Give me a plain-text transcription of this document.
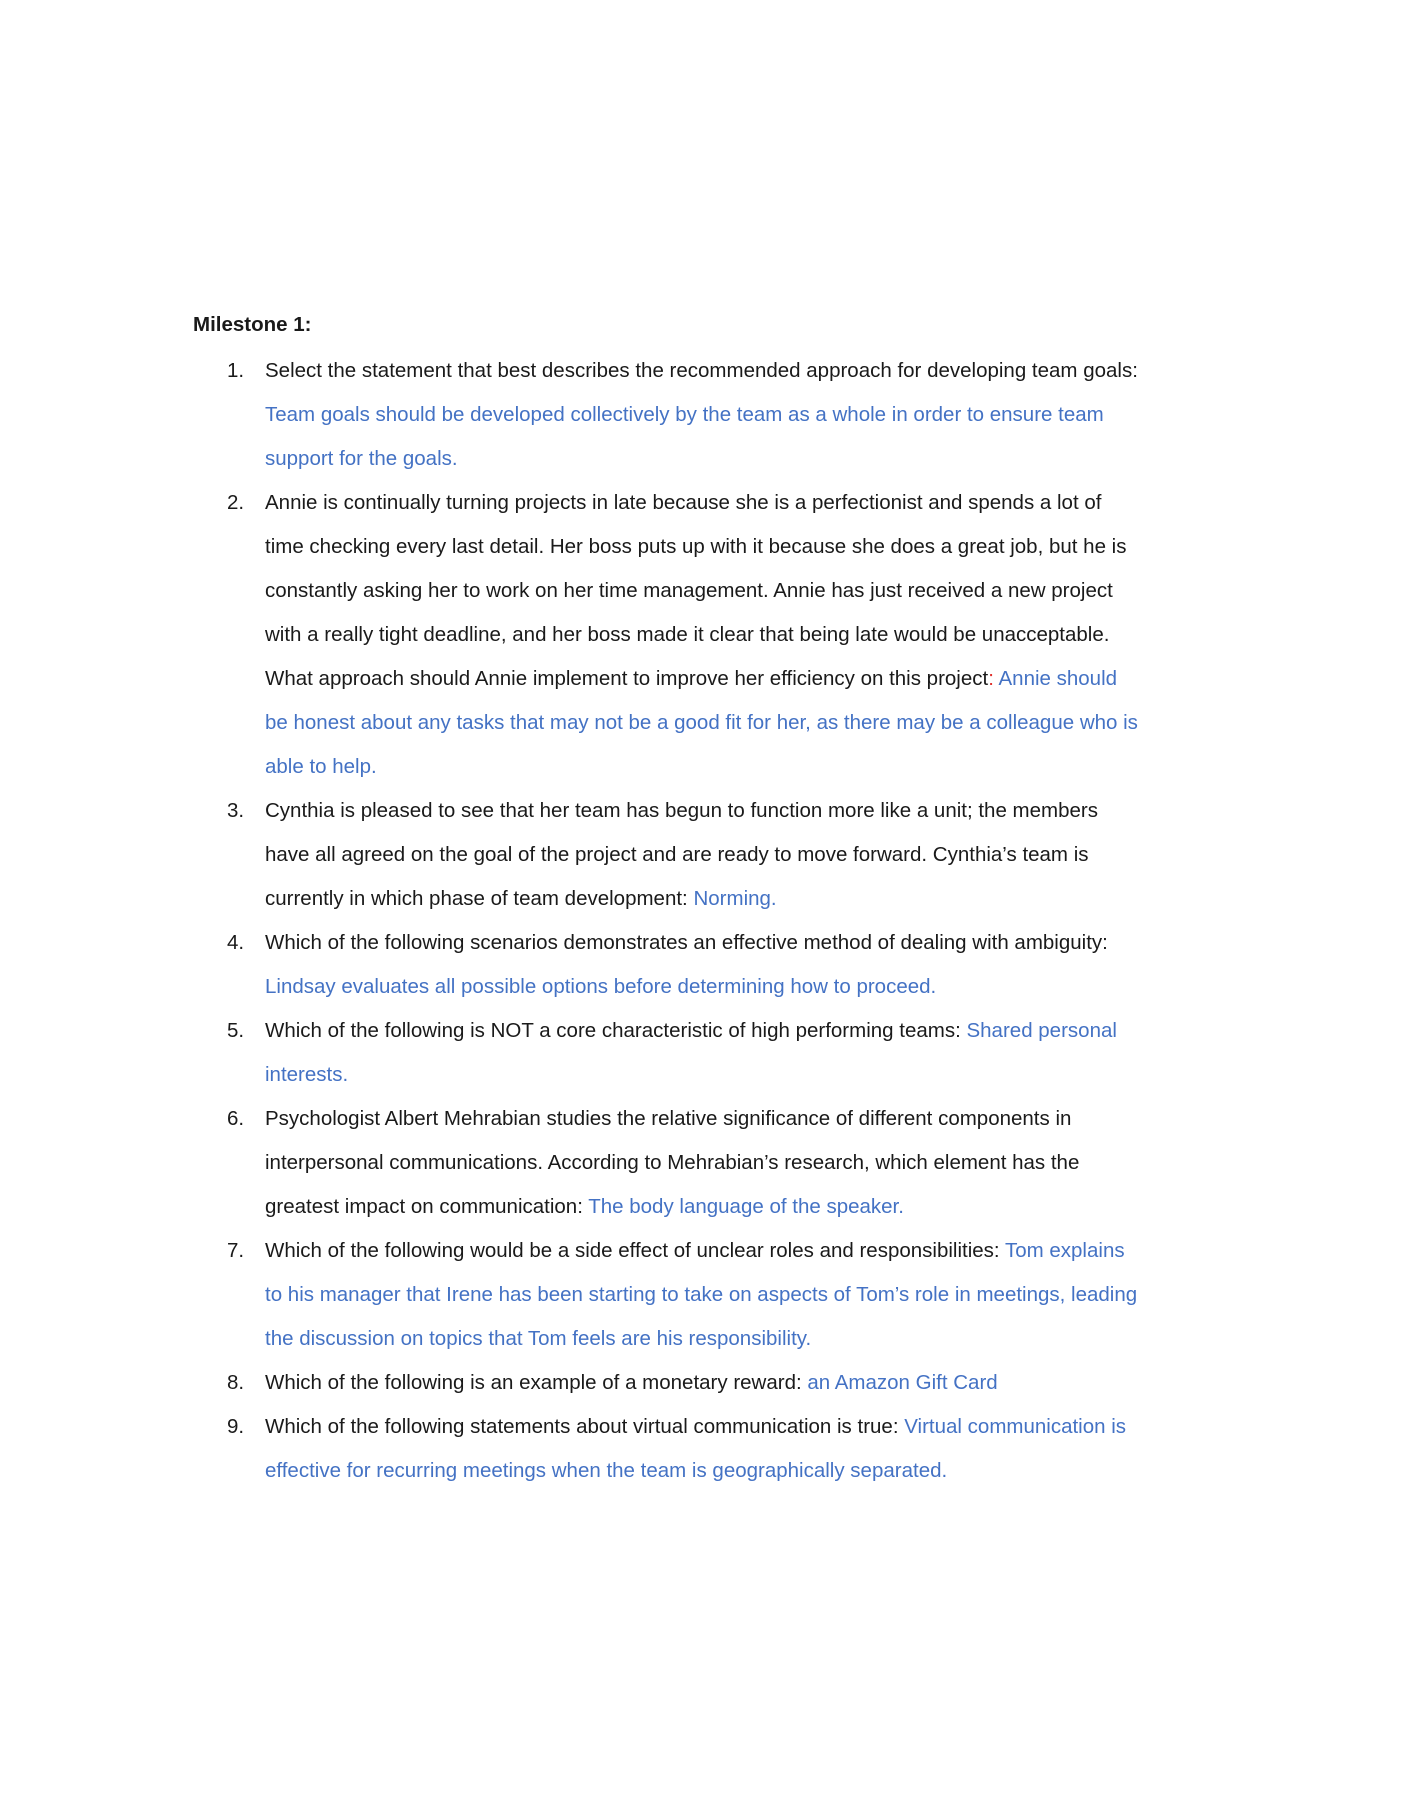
Milestone 1:
1.	Select the statement that best describes the recommended approach for developing team goals: Team goals should be developed collectively by the team as a whole in order to ensure team support for the goals.
2.	Annie is continually turning projects in late because she is a perfectionist and spends a lot of time checking every last detail. Her boss puts up with it because she does a great job, but he is constantly asking her to work on her time management. Annie has just received a new project with a really tight deadline, and her boss made it clear that being late would be unacceptable. What approach should Annie implement to improve her efficiency on this project: Annie should be honest about any tasks that may not be a good fit for her, as there may be a colleague who is able to help.
3.	Cynthia is pleased to see that her team has begun to function more like a unit; the members have all agreed on the goal of the project and are ready to move forward. Cynthia’s team is currently in which phase of team development: Norming.
4.	Which of the following scenarios demonstrates an effective method of dealing with ambiguity: Lindsay evaluates all possible options before determining how to proceed.
5.	Which of the following is NOT a core characteristic of high performing teams: Shared personal interests.
6.	Psychologist Albert Mehrabian studies the relative significance of different components in interpersonal communications. According to Mehrabian’s research, which element has the greatest impact on communication: The body language of the speaker.
7.	Which of the following would be a side effect of unclear roles and responsibilities: Tom explains to his manager that Irene has been starting to take on aspects of Tom’s role in meetings, leading the discussion on topics that Tom feels are his responsibility.
8.	Which of the following is an example of a monetary reward: an Amazon Gift Card
9.	Which of the following statements about virtual communication is true: Virtual communication is effective for recurring meetings when the team is geographically separated.
